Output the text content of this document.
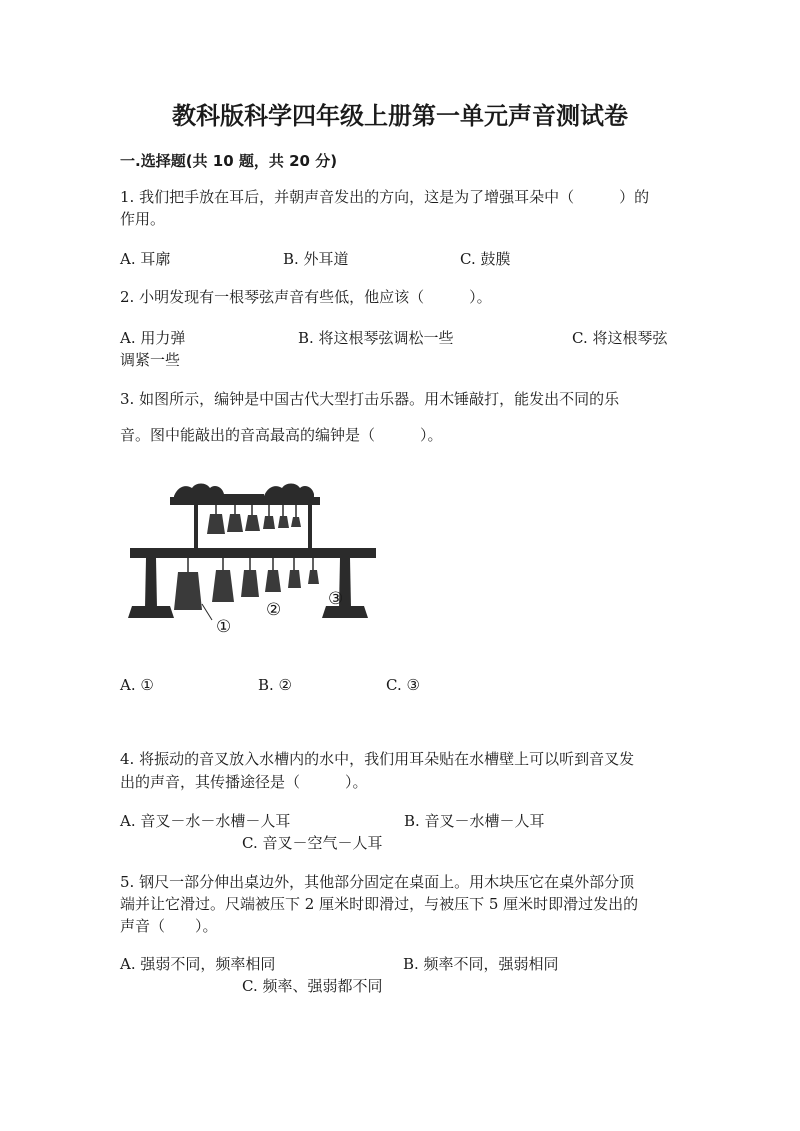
教科版科学四年级上册第一单元声音测试卷
一.选择题(共 10 题，共 20 分)
1. 我们把手放在耳后，并朝声音发出的方向，这是为了增强耳朵中（　　　）的
作用。
A. 耳廓	B. 外耳道	C. 鼓膜
2. 小明发现有一根琴弦声音有些低，他应该（　　　）。
A. 用力弹	B. 将这根琴弦调松一些	C. 将这根琴弦
调紧一些
3. 如图所示，编钟是中国古代大型打击乐器。用木锤敲打，能发出不同的乐
音。图中能敲出的音高最高的编钟是（　　　）。
①
②
③
A. ①	B. ②	C. ③
4. 将振动的音叉放入水槽内的水中，我们用耳朵贴在水槽壁上可以听到音叉发
出的声音，其传播途径是（　　　）。
A. 音叉－水－水槽－人耳	B. 音叉－水槽－人耳
C. 音叉－空气－人耳
5. 钢尺一部分伸出桌边外，其他部分固定在桌面上。用木块压它在桌外部分顶
端并让它滑过。尺端被压下 2 厘米时即滑过，与被压下 5 厘米时即滑过发出的
声音（　　）。
A. 强弱不同，频率相同	B. 频率不同，强弱相同
C. 频率、强弱都不同
